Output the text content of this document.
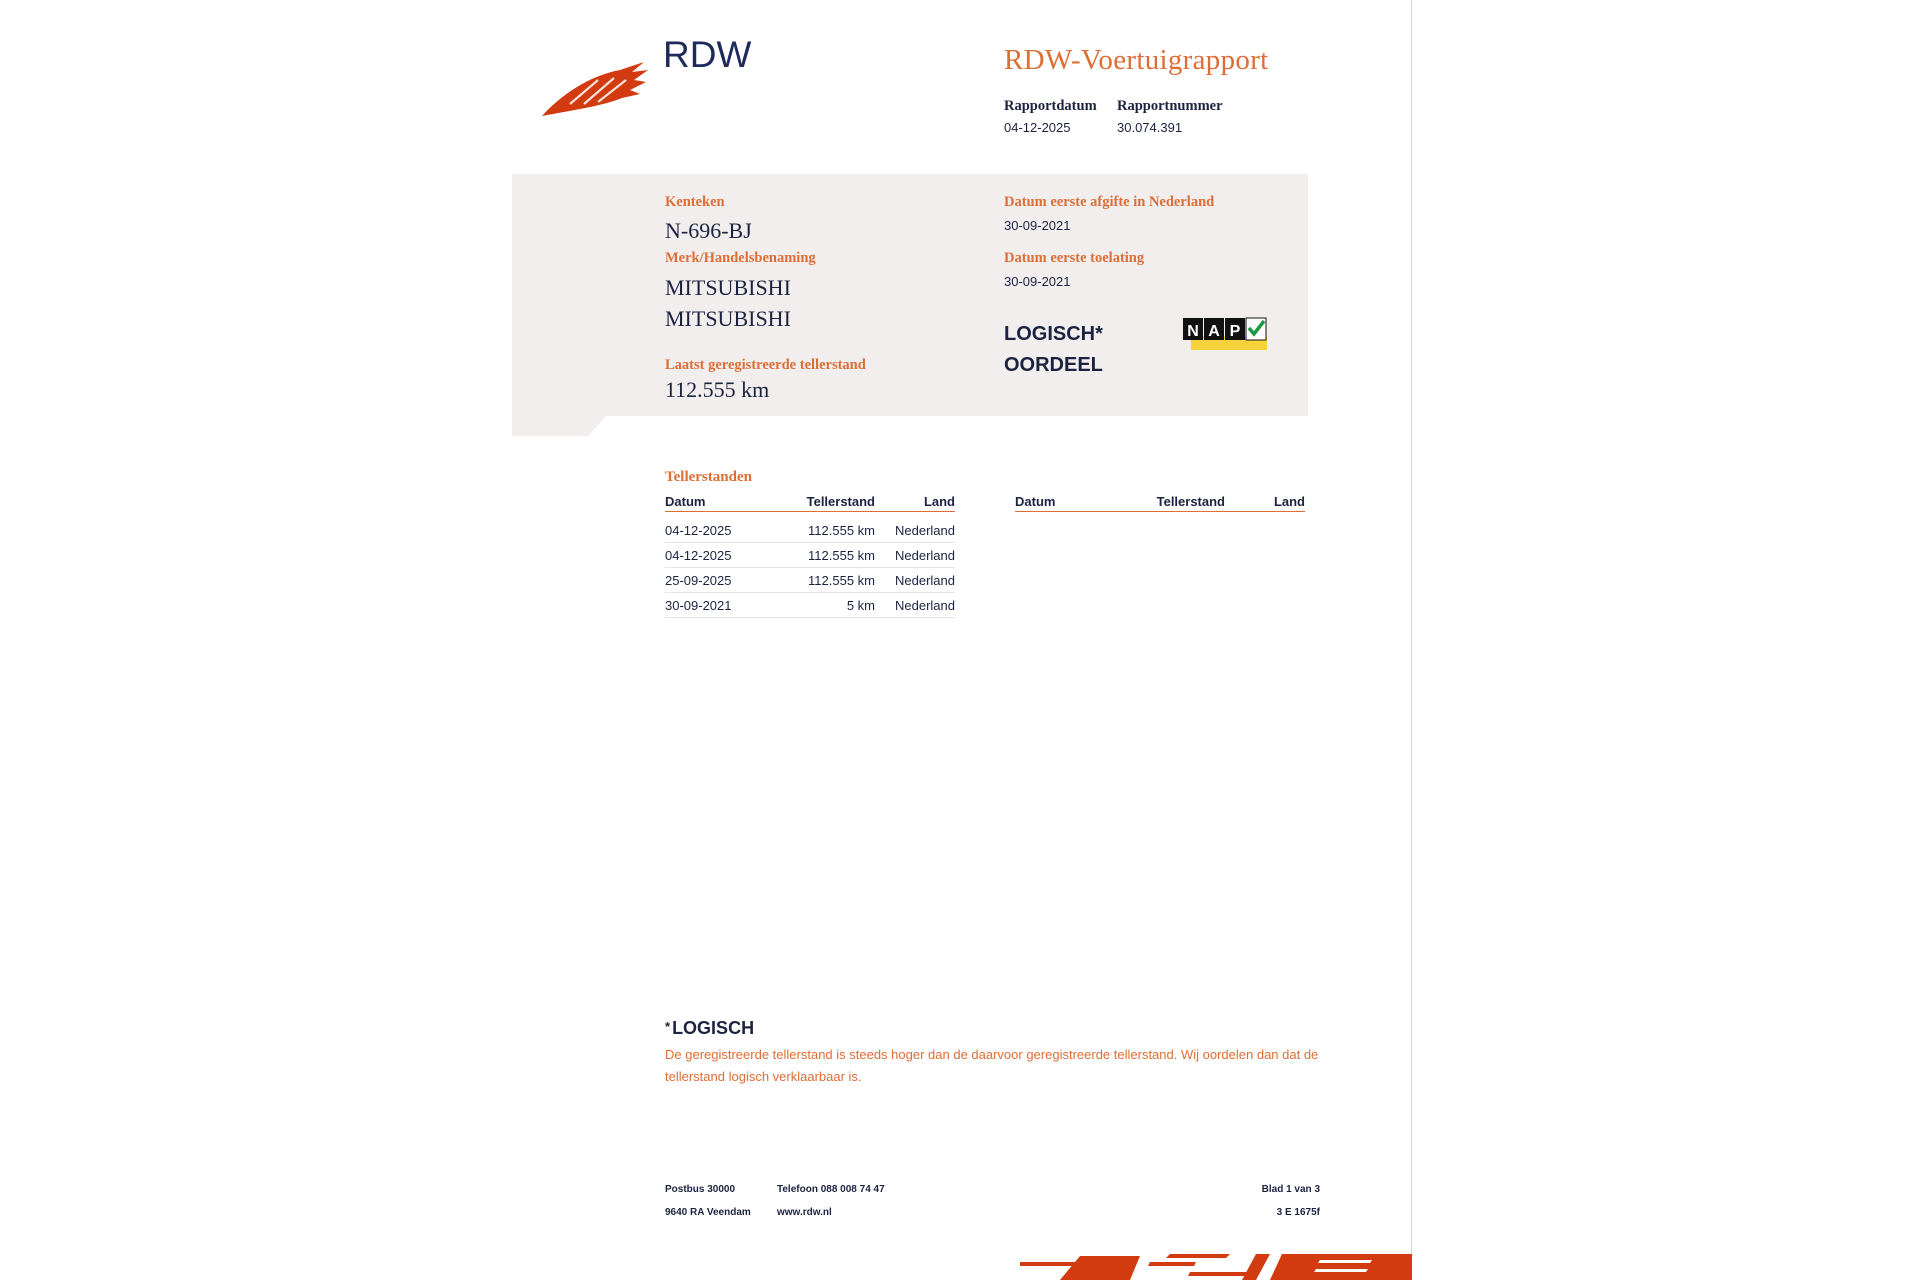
RDW	RDW-Voertuigrapport
Rapportdatum
04-12-2025
Rapportnummer
30.074.391
Kenteken
N-696-BJ
Merk/Handelsbenaming
MITSUBISHI
MITSUBISHI
Laatst geregistreerde tellerstand
112.555 km
Datum eerste afgifte in Nederland
30-09-2021
Datum eerste toelating
30-09-2021
LOGISCH*
OORDEEL
N A P
Tellerstanden
Datum	Tellerstand	Land

04-12-2025	112.555 km	Nederland
04-12-2025	112.555 km	Nederland
25-09-2025	112.555 km	Nederland
30-09-2021	5 km	Nederland
Datum	Tellerstand	Land
* LOGISCH
De geregistreerde tellerstand is steeds hoger dan de daarvoor geregistreerde tellerstand. Wij oordelen dan dat de tellerstand logisch verklaarbaar is.
Postbus 30000
9640 RA Veendam
Telefoon 088 008 74 47
www.rdw.nl
Blad 1 van 3
3 E 1675f
